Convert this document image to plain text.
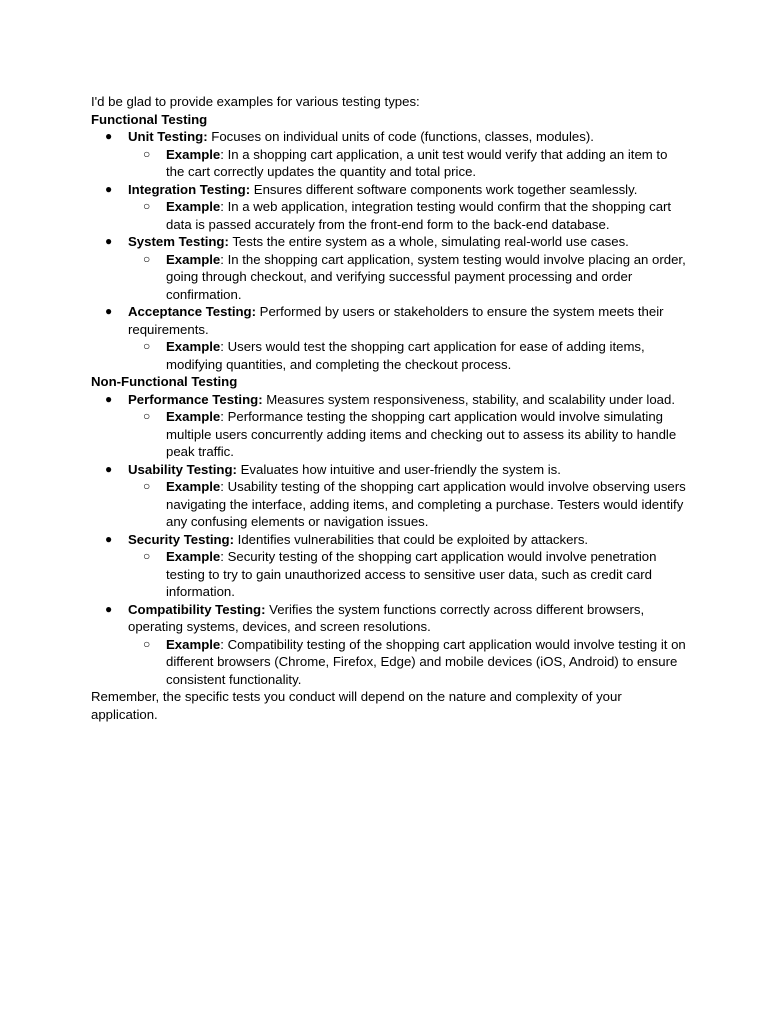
I'd be glad to provide examples for various testing types:

Functional Testing

● Unit Testing: Focuses on individual units of code (functions, classes, modules).
○ Example: In a shopping cart application, a unit test would verify that adding an item to the cart correctly updates the quantity and total price.
● Integration Testing: Ensures different software components work together seamlessly.
○ Example: In a web application, integration testing would confirm that the shopping cart data is passed accurately from the front-end form to the back-end database.
● System Testing: Tests the entire system as a whole, simulating real-world use cases.
○ Example: In the shopping cart application, system testing would involve placing an order, going through checkout, and verifying successful payment processing and order confirmation.
● Acceptance Testing: Performed by users or stakeholders to ensure the system meets their requirements.
○ Example: Users would test the shopping cart application for ease of adding items, modifying quantities, and completing the checkout process.

Non-Functional Testing

● Performance Testing: Measures system responsiveness, stability, and scalability under load.
○ Example: Performance testing the shopping cart application would involve simulating multiple users concurrently adding items and checking out to assess its ability to handle peak traffic.
● Usability Testing: Evaluates how intuitive and user-friendly the system is.
○ Example: Usability testing of the shopping cart application would involve observing users navigating the interface, adding items, and completing a purchase. Testers would identify any confusing elements or navigation issues.
● Security Testing: Identifies vulnerabilities that could be exploited by attackers.
○ Example: Security testing of the shopping cart application would involve penetration testing to try to gain unauthorized access to sensitive user data, such as credit card information.
● Compatibility Testing: Verifies the system functions correctly across different browsers, operating systems, devices, and screen resolutions.
○ Example: Compatibility testing of the shopping cart application would involve testing it on different browsers (Chrome, Firefox, Edge) and mobile devices (iOS, Android) to ensure consistent functionality.

Remember, the specific tests you conduct will depend on the nature and complexity of your application.
